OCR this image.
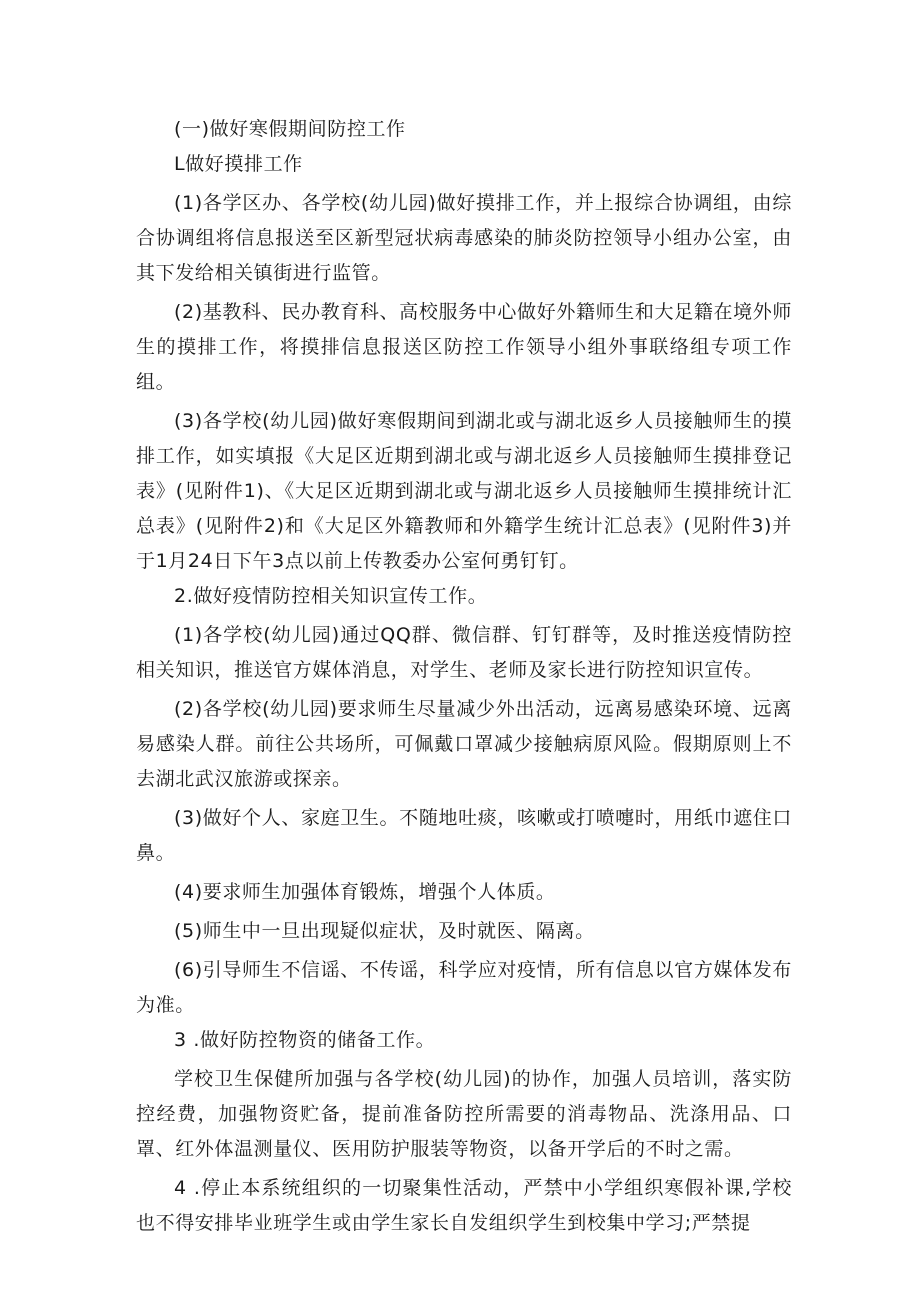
(一)做好寒假期间防控工作

L做好摸排工作

(1)各学区办、各学校(幼儿园)做好摸排工作，并上报综合协调组，由综合协调组将信息报送至区新型冠状病毒感染的肺炎防控领导小组办公室，由其下发给相关镇街进行监管。

(2)基教科、民办教育科、高校服务中心做好外籍师生和大足籍在境外师生的摸排工作，将摸排信息报送区防控工作领导小组外事联络组专项工作组。

(3)各学校(幼儿园)做好寒假期间到湖北或与湖北返乡人员接触师生的摸排工作，如实填报《大足区近期到湖北或与湖北返乡人员接触师生摸排登记表》(见附件1)、《大足区近期到湖北或与湖北返乡人员接触师生摸排统计汇总表》(见附件2)和《大足区外籍教师和外籍学生统计汇总表》(见附件3)并于1月24日下午3点以前上传教委办公室何勇钉钉。

2.做好疫情防控相关知识宣传工作。

(1)各学校(幼儿园)通过QQ群、微信群、钉钉群等，及时推送疫情防控相关知识，推送官方媒体消息，对学生、老师及家长进行防控知识宣传。

(2)各学校(幼儿园)要求师生尽量减少外出活动，远离易感染环境、远离易感染人群。前往公共场所，可佩戴口罩减少接触病原风险。假期原则上不去湖北武汉旅游或探亲。

(3)做好个人、家庭卫生。不随地吐痰，咳嗽或打喷嚏时，用纸巾遮住口鼻。

(4)要求师生加强体育锻炼，增强个人体质。

(5)师生中一旦出现疑似症状，及时就医、隔离。

(6)引导师生不信谣、不传谣，科学应对疫情，所有信息以官方媒体发布为准。

3 .做好防控物资的储备工作。

学校卫生保健所加强与各学校(幼儿园)的协作，加强人员培训，落实防控经费，加强物资贮备，提前准备防控所需要的消毒物品、洗涤用品、口罩、红外体温测量仪、医用防护服装等物资，以备开学后的不时之需。

4 .停止本系统组织的一切聚集性活动，严禁中小学组织寒假补课,学校也不得安排毕业班学生或由学生家长自发组织学生到校集中学习;严禁提
